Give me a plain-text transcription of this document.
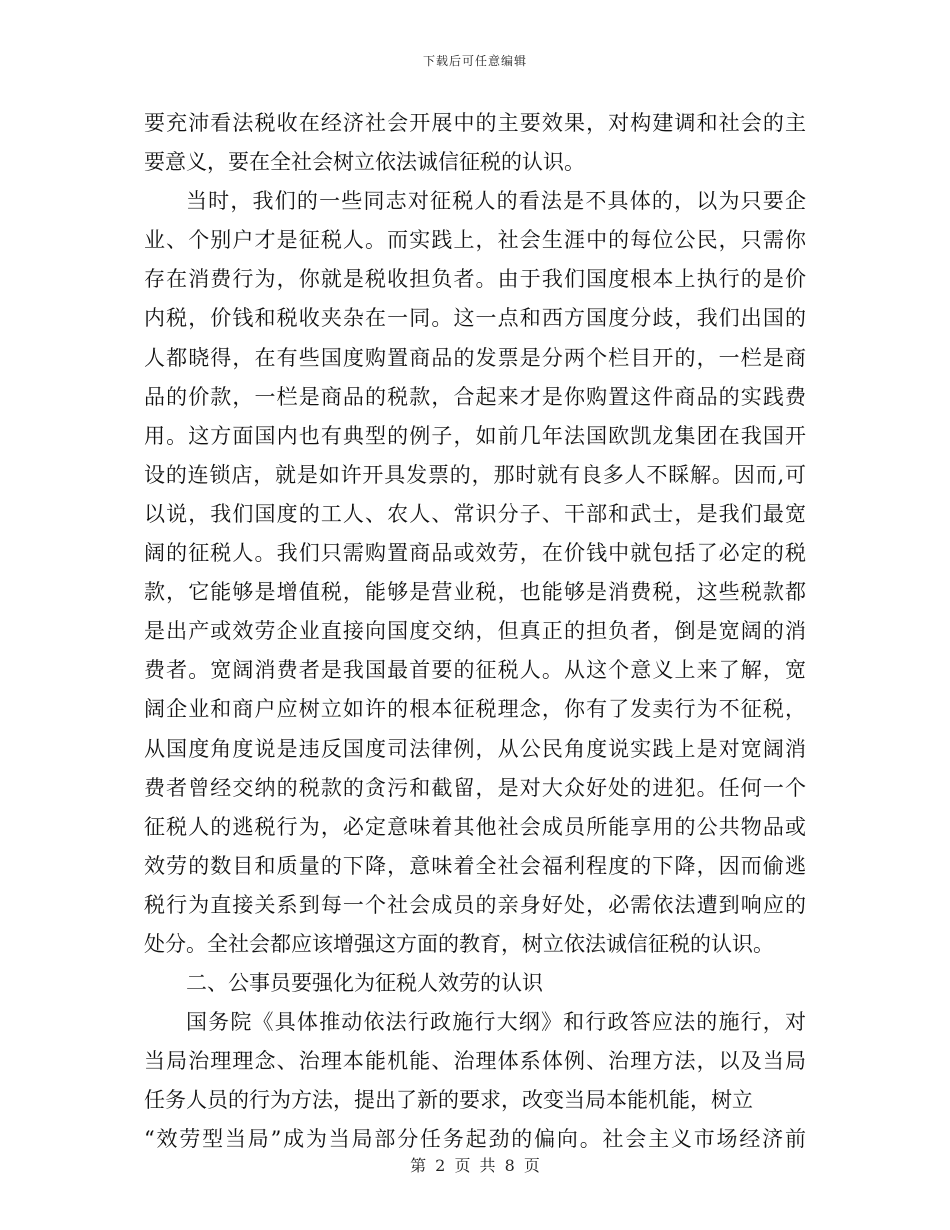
下载后可任意编辑
要充沛看法税收在经济社会开展中的主要效果，对构建调和社会的主
要意义，要在全社会树立依法诚信征税的认识。
当时，我们的一些同志对征税人的看法是不具体的，以为只要企
业、个别户才是征税人。而实践上，社会生涯中的每位公民，只需你
存在消费行为，你就是税收担负者。由于我们国度根本上执行的是价
内税，价钱和税收夹杂在一同。这一点和西方国度分歧，我们出国的
人都晓得，在有些国度购置商品的发票是分两个栏目开的，一栏是商
品的价款，一栏是商品的税款，合起来才是你购置这件商品的实践费
用。这方面国内也有典型的例子，如前几年法国欧凯龙集团在我国开
设的连锁店，就是如许开具发票的，那时就有良多人不睬解。因而,可
以说，我们国度的工人、农人、常识分子、干部和武士，是我们最宽
阔的征税人。我们只需购置商品或效劳，在价钱中就包括了必定的税
款，它能够是增值税，能够是营业税，也能够是消费税，这些税款都
是出产或效劳企业直接向国度交纳，但真正的担负者，倒是宽阔的消
费者。宽阔消费者是我国最首要的征税人。从这个意义上来了解，宽
阔企业和商户应树立如许的根本征税理念，你有了发卖行为不征税，
从国度角度说是违反国度司法律例，从公民角度说实践上是对宽阔消
费者曾经交纳的税款的贪污和截留，是对大众好处的进犯。任何一个
征税人的逃税行为，必定意味着其他社会成员所能享用的公共物品或
效劳的数目和质量的下降，意味着全社会福利程度的下降，因而偷逃
税行为直接关系到每一个社会成员的亲身好处，必需依法遭到响应的
处分。全社会都应该增强这方面的教育，树立依法诚信征税的认识。
二、公事员要强化为征税人效劳的认识
国务院《具体推动依法行政施行大纲》和行政答应法的施行，对
当局治理理念、治理本能机能、治理体系体例、治理方法，以及当局
任务人员的行为方法，提出了新的要求，改变当局本能机能，树立
“效劳型当局”成为当局部分任务起劲的偏向。社会主义市场经济前
第 2 页 共 8 页
